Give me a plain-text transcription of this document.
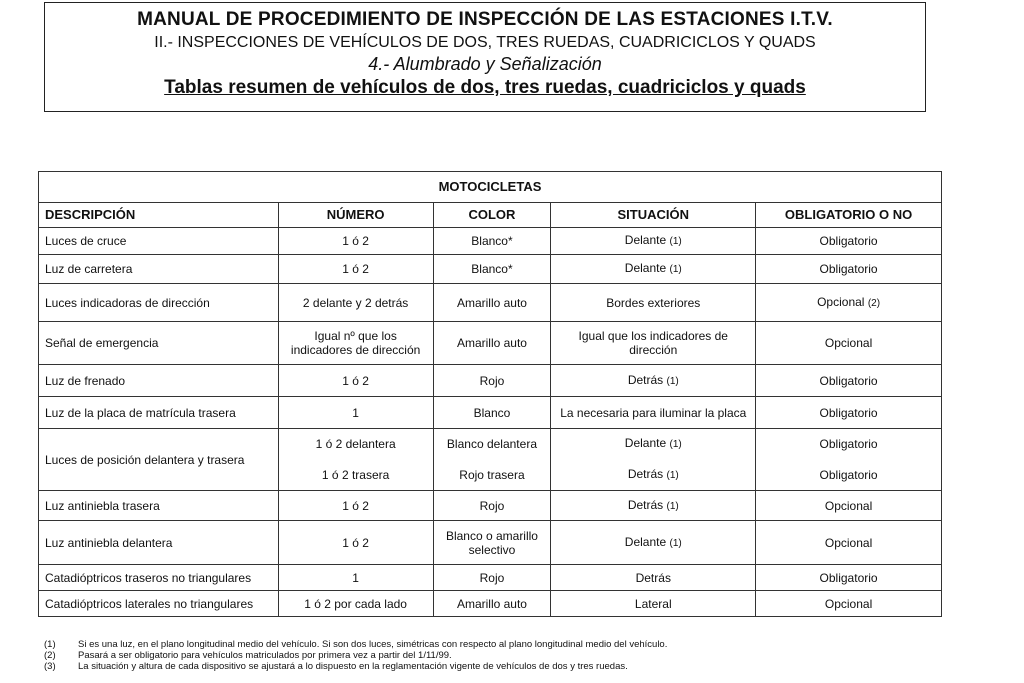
MANUAL DE PROCEDIMIENTO DE INSPECCIÓN DE LAS ESTACIONES I.T.V.
II.- INSPECCIONES DE VEHÍCULOS DE DOS, TRES RUEDAS, CUADRICICLOS Y QUADS
4.- Alumbrado y Señalización
Tablas resumen de vehículos de dos, tres ruedas, cuadriciclos y quads
MOTOCICLETAS				
DESCRIPCIÓN	NÚMERO	COLOR	SITUACIÓN	OBLIGATORIO O NO
Luces de cruce	1 ó 2	Blanco*	Delante (1)	Obligatorio
Luz de carretera	1 ó 2	Blanco*	Delante (1)	Obligatorio
Luces indicadoras de dirección	2 delante y 2 detrás	Amarillo auto	Bordes exteriores	Opcional (2)
Señal de emergencia	Igual nº que los indicadores de dirección	Amarillo auto	Igual que los indicadores de dirección	Opcional
Luz de frenado	1 ó 2	Rojo	Detrás (1)	Obligatorio
Luz de la placa de matrícula trasera	1	Blanco	La necesaria para iluminar la placa	Obligatorio
Luces de posición delantera y trasera	1 ó 2 delantera	Blanco delantera	Delante (1)	Obligatorio
	1 ó 2 trasera	Rojo trasera	Detrás (1)	Obligatorio
Luz antiniebla trasera	1 ó 2	Rojo	Detrás (1)	Opcional
Luz antiniebla delantera	1 ó 2	Blanco o amarillo selectivo	Delante (1)	Opcional
Catadióptricos traseros no triangulares	1	Rojo	Detrás	Obligatorio
Catadióptricos laterales no triangulares	1 ó 2 por cada lado	Amarillo auto	Lateral	Opcional
(1)	Si es una luz, en el plano longitudinal medio del vehículo. Si son dos luces, simétricas con respecto al plano longitudinal medio del vehículo.
(2)	Pasará a ser obligatorio para vehículos matriculados por primera vez a partir del 1/11/99.
(3)	La situación y altura de cada dispositivo se ajustará a lo dispuesto en la reglamentación vigente de vehículos de dos y tres ruedas.
